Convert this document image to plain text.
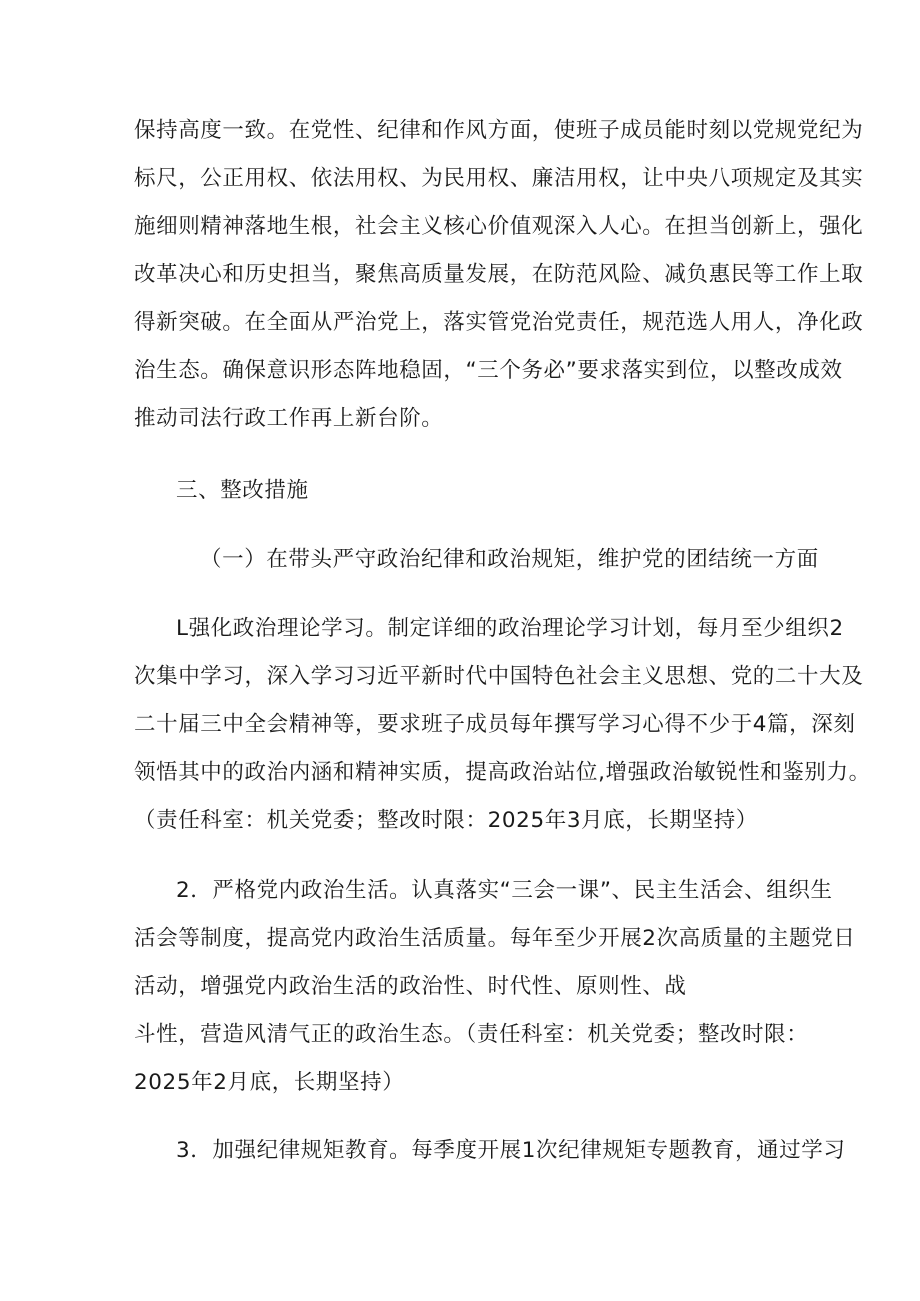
保持高度一致。在党性、纪律和作风方面，使班子成员能时刻以党规党纪为

标尺，公正用权、依法用权、为民用权、廉洁用权，让中央八项规定及其实

施细则精神落地生根，社会主义核心价值观深入人心。在担当创新上，强化

改革决心和历史担当，聚焦高质量发展，在防范风险、减负惠民等工作上取

得新突破。在全面从严治党上，落实管党治党责任，规范选人用人，净化政

治生态。确保意识形态阵地稳固，“三个务必”要求落实到位，以整改成效

推动司法行政工作再上新台阶。

三、整改措施

（一）在带头严守政治纪律和政治规矩，维护党的团结统一方面

L强化政治理论学习。制定详细的政治理论学习计划，每月至少组织2

次集中学习，深入学习习近平新时代中国特色社会主义思想、党的二十大及

二十届三中全会精神等，要求班子成员每年撰写学习心得不少于4篇，深刻

领悟其中的政治内涵和精神实质，提高政治站位,增强政治敏锐性和鉴别力。

（责任科室：机关党委；整改时限：2025年3月底，长期坚持）

2．严格党内政治生活。认真落实“三会一课”、民主生活会、组织生

活会等制度，提高党内政治生活质量。每年至少开展2次高质量的主题党日

活动，增强党内政治生活的政治性、时代性、原则性、战

斗性，营造风清气正的政治生态。（责任科室：机关党委；整改时限：

2025年2月底，长期坚持）

3．加强纪律规矩教育。每季度开展1次纪律规矩专题教育，通过学习
